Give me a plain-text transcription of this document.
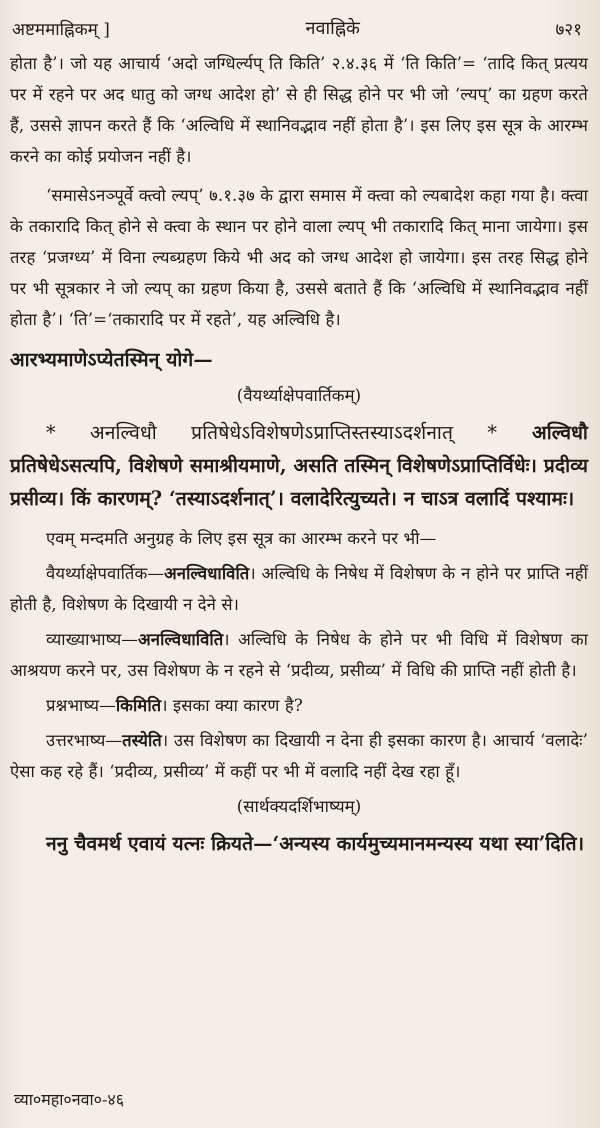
अष्टममाह्निकम् ]	नवाह्निके	७२१

होता है’। जो यह आचार्य ‘अदो जग्धिर्ल्यप् ति किति’ २.४.३६ में ‘ति किति’= ‘तादि कित् प्रत्यय पर में रहने पर अद धातु को जग्ध आदेश हो’ से ही सिद्ध होने पर भी जो ‘ल्यप्’ का ग्रहण करते हैं, उससे ज्ञापन करते हैं कि ‘अल्विधि में स्थानिवद्भाव नहीं होता है’। इस लिए इस सूत्र के आरम्भ करने का कोई प्रयोजन नहीं है।

‘समासेऽनञ्पूर्वे क्त्वो ल्यप्’ ७.१.३७ के द्वारा समास में क्त्वा को ल्यबादेश कहा गया है। क्त्वा के तकारादि कित् होने से क्त्वा के स्थान पर होने वाला ल्यप् भी तकारादि कित् माना जायेगा। इस तरह ‘प्रजग्ध्य’ में विना ल्यब्ग्रहण किये भी अद को जग्ध आदेश हो जायेगा। इस तरह सिद्ध होने पर भी सूत्रकार ने जो ल्यप् का ग्रहण किया है, उससे बताते हैं कि ‘अल्विधि में स्थानिवद्भाव नहीं होता है’। ‘ति’=‘तकारादि पर में रहते’, यह अल्विधि है।

आरभ्यमाणेऽप्येतस्मिन् योगे—

(वैयर्थ्याक्षेपवार्तिकम्)

* अनल्विधौ प्रतिषेधेऽविशेषणेऽप्राप्तिस्तस्याऽदर्शनात् * अल्विधौ प्रतिषेधेऽसत्यपि, विशेषणे समाश्रीयमाणे, असति तस्मिन् विशेषणेऽप्राप्तिर्विधेः। प्रदीव्य प्रसीव्य। किं कारणम्? ‘तस्याऽदर्शनात्’। वलादेरित्युच्यते। न चाऽत्र वलादिं पश्यामः।

एवम् मन्दमति अनुग्रह के लिए इस सूत्र का आरम्भ करने पर भी—

वैयर्थ्याक्षेपवार्तिक—अनल्विधाविति। अल्विधि के निषेध में विशेषण के न होने पर प्राप्ति नहीं होती है, विशेषण के दिखायी न देने से।

व्याख्याभाष्य—अनल्विधाविति। अल्विधि के निषेध के होने पर भी विधि में विशेषण का आश्रयण करने पर, उस विशेषण के न रहने से ‘प्रदीव्य, प्रसीव्य’ में विधि की प्राप्ति नहीं होती है।

प्रश्नभाष्य—किमिति। इसका क्या कारण है?

उत्तरभाष्य—तस्येति। उस विशेषण का दिखायी न देना ही इसका कारण है। आचार्य ‘वलादेः’ ऐसा कह रहे हैं। ‘प्रदीव्य, प्रसीव्य’ में कहीं पर भी में वलादि नहीं देख रहा हूँ।

(सार्थक्यदर्शिभाष्यम्)

ननु चैवमर्थ एवायं यत्नः क्रियते—‘अन्यस्य कार्यमुच्यमानमन्यस्य यथा स्या’दिति।

व्या०महा०नवा०-४६
